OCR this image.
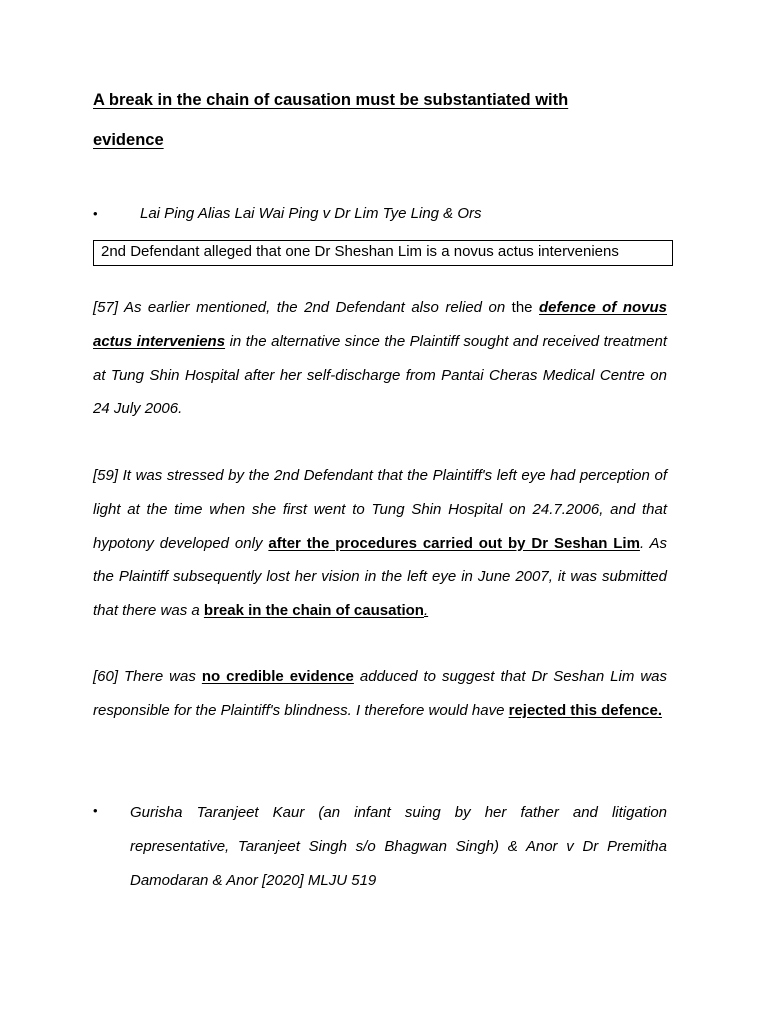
A break in the chain of causation must be substantiated with
evidence
•	Lai Ping Alias Lai Wai Ping v Dr Lim Tye Ling & Ors
2nd Defendant alleged that one Dr Sheshan Lim is a novus actus interveniens

[57] As earlier mentioned, the 2nd Defendant also relied on the defence of novus actus interveniens in the alternative since the Plaintiff sought and received treatment at Tung Shin Hospital after her self-discharge from Pantai Cheras Medical Centre on 24 July 2006.

[59] It was stressed by the 2nd Defendant that the Plaintiff's left eye had perception of light at the time when she first went to Tung Shin Hospital on 24.7.2006, and that hypotony developed only after the procedures carried out by Dr Seshan Lim. As the Plaintiff subsequently lost her vision in the left eye in June 2007, it was submitted that there was a break in the chain of causation.

[60] There was no credible evidence adduced to suggest that Dr Seshan Lim was responsible for the Plaintiff's blindness. I therefore would have rejected this defence.

• Gurisha Taranjeet Kaur (an infant suing by her father and litigation representative, Taranjeet Singh s/o Bhagwan Singh) & Anor v Dr Premitha Damodaran & Anor [2020] MLJU 519
